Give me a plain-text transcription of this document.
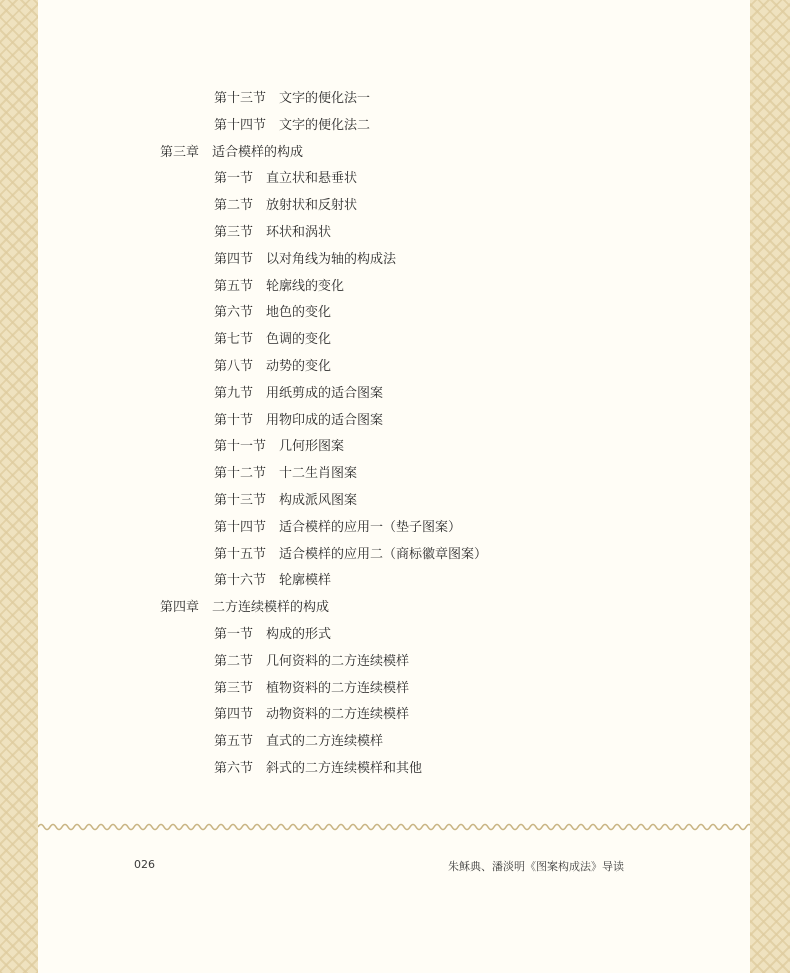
第十三节　文字的便化法一
第十四节　文字的便化法二
第三章　适合模样的构成
第一节　直立状和悬垂状
第二节　放射状和反射状
第三节　环状和涡状
第四节　以对角线为轴的构成法
第五节　轮廓线的变化
第六节　地色的变化
第七节　色调的变化
第八节　动势的变化
第九节　用纸剪成的适合图案
第十节　用物印成的适合图案
第十一节　几何形图案
第十二节　十二生肖图案
第十三节　构成派风图案
第十四节　适合模样的应用一（垫子图案）
第十五节　适合模样的应用二（商标徽章图案）
第十六节　轮廓模样
第四章　二方连续模样的构成
第一节　构成的形式
第二节　几何资料的二方连续模样
第三节　植物资料的二方连续模样
第四节　动物资料的二方连续模样
第五节　直式的二方连续模样
第六节　斜式的二方连续模样和其他
026	朱稣典、潘淡明《图案构成法》导读
